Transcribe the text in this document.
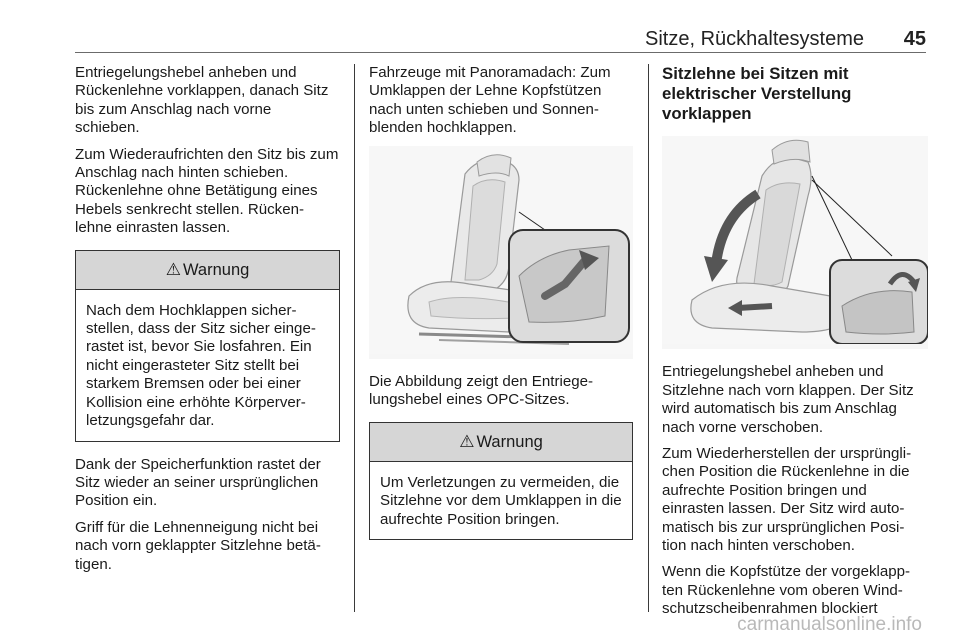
Sitze, Rückhaltesysteme 45

Entriegelungshebel anheben und Rückenlehne vorklappen, danach Sitz bis zum Anschlag nach vorne schieben.

Zum Wiederaufrichten den Sitz bis zum Anschlag nach hinten schieben. Rückenlehne ohne Betätigung eines Hebels senkrecht stellen. Rücken-lehne einrasten lassen.

⚠ Warnung
Nach dem Hochklappen sicher-stellen, dass der Sitz sicher einge-rastet ist, bevor Sie losfahren. Ein nicht eingerasteter Sitz stellt bei starkem Bremsen oder bei einer Kollision eine erhöhte Körperver-letzungsgefahr dar.

Dank der Speicherfunktion rastet der Sitz wieder an seiner ursprünglichen Position ein.

Griff für die Lehnenneigung nicht bei nach vorn geklappter Sitzlehne betä-tigen.

Fahrzeuge mit Panoramadach: Zum Umklappen der Lehne Kopfstützen nach unten schieben und Sonnen-blenden hochklappen.

Die Abbildung zeigt den Entriege-lungshebel eines OPC-Sitzes.

⚠ Warnung
Um Verletzungen zu vermeiden, die Sitzlehne vor dem Umklappen in die aufrechte Position bringen.
Sitzlehne bei Sitzen mit elektrischer Verstellung vorklappen

Entriegelungshebel anheben und Sitzlehne nach vorn klappen. Der Sitz wird automatisch bis zum Anschlag nach vorne verschoben.

Zum Wiederherstellen der ursprüngli-chen Position die Rückenlehne in die aufrechte Position bringen und einrasten lassen. Der Sitz wird auto-matisch bis zur ursprünglichen Posi-tion nach hinten verschoben.

Wenn die Kopfstütze der vorgeklapp-ten Rückenlehne vom oberen Wind-schutzscheibenrahmen blockiert

carmanualsonline.info
